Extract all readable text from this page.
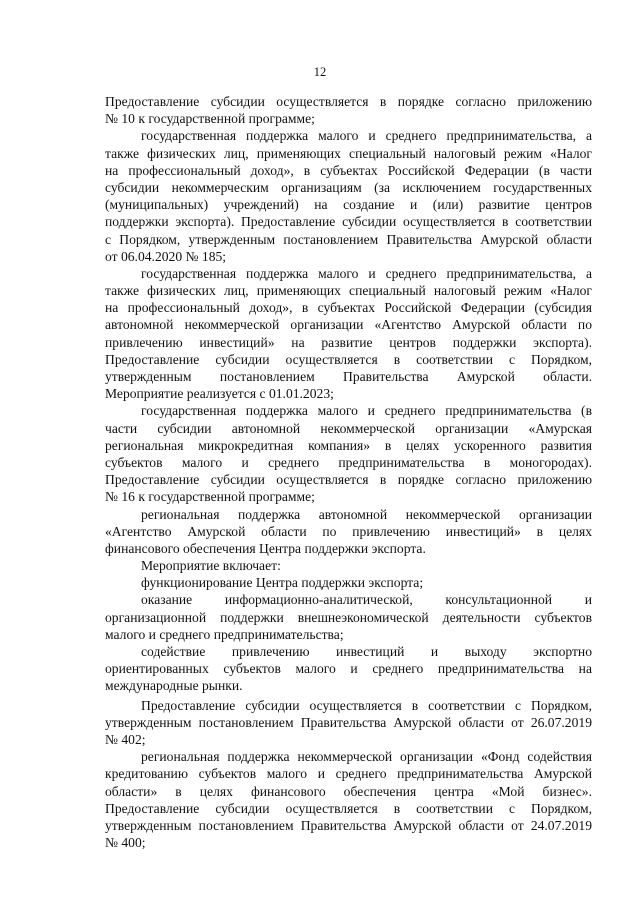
12
Предоставление субсидии осуществляется в порядке согласно приложению
№ 10 к государственной программе;
государственная поддержка малого и среднего предпринимательства, а
также физических лиц, применяющих специальный налоговый режим «Налог
на профессиональный доход», в субъектах Российской Федерации (в части
субсидии некоммерческим организациям (за исключением государственных
(муниципальных) учреждений) на создание и (или) развитие центров
поддержки экспорта). Предоставление субсидии осуществляется в соответствии
с Порядком, утвержденным постановлением Правительства Амурской области
от 06.04.2020 № 185;
государственная поддержка малого и среднего предпринимательства, а
также физических лиц, применяющих специальный налоговый режим «Налог
на профессиональный доход», в субъектах Российской Федерации (субсидия
автономной некоммерческой организации «Агентство Амурской области по
привлечению инвестиций» на развитие центров поддержки экспорта).
Предоставление субсидии осуществляется в соответствии с Порядком,
утвержденным постановлением Правительства Амурской области.
Мероприятие реализуется с 01.01.2023;
государственная поддержка малого и среднего предпринимательства (в
части субсидии автономной некоммерческой организации «Амурская
региональная микрокредитная компания» в целях ускоренного развития
субъектов малого и среднего предпринимательства в моногородах).
Предоставление субсидии осуществляется в порядке согласно приложению
№ 16 к государственной программе;
региональная поддержка автономной некоммерческой организации
«Агентство Амурской области по привлечению инвестиций» в целях
финансового обеспечения Центра поддержки экспорта.
Мероприятие включает:
функционирование Центра поддержки экспорта;
оказание информационно-аналитической, консультационной и
организационной поддержки внешнеэкономической деятельности субъектов
малого и среднего предпринимательства;
содействие привлечению инвестиций и выходу экспортно
ориентированных субъектов малого и среднего предпринимательства на
международные рынки.
Предоставление субсидии осуществляется в соответствии с Порядком,
утвержденным постановлением Правительства Амурской области от 26.07.2019
№ 402;
региональная поддержка некоммерческой организации «Фонд содействия
кредитованию субъектов малого и среднего предпринимательства Амурской
области» в целях финансового обеспечения центра «Мой бизнес».
Предоставление субсидии осуществляется в соответствии с Порядком,
утвержденным постановлением Правительства Амурской области от 24.07.2019
№ 400;
